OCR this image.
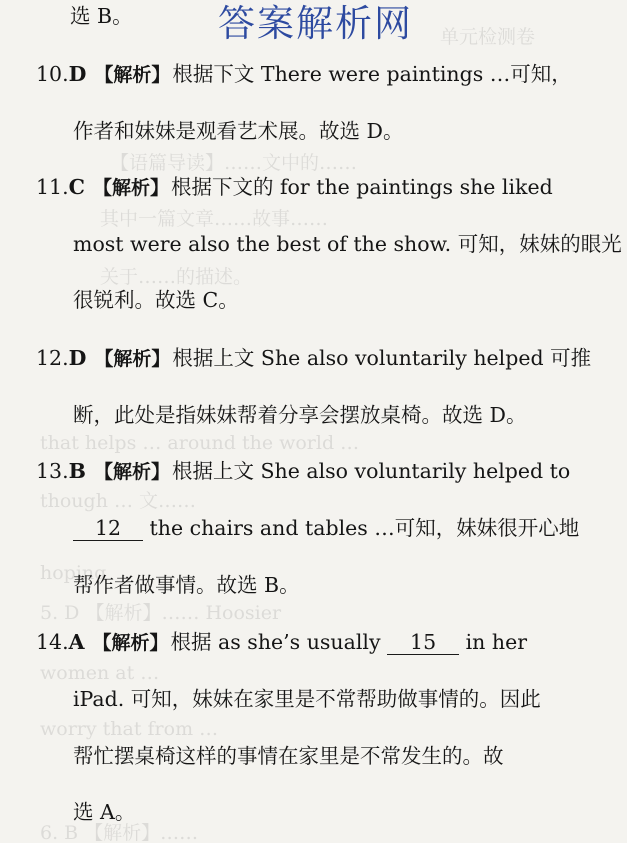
单元检测卷
【语篇导读】……文中的……
其中一篇文章……故事……
关于……的描述。
that helps … around the world …
though … 文……
hoping
5. D 【解析】…… Hoosier
women at …
worry that from …
6. B 【解析】……
选 B。 答案解析网
10.D 【解析】根据下文 There were paintings …可知，
作者和妹妹是观看艺术展。故选 D。
11.C 【解析】根据下文的 for the paintings she liked
most were also the best of the show. 可知，妹妹的眼光
很锐利。故选 C。
12.D 【解析】根据上文 She also voluntarily helped 可推
断，此处是指妹妹帮着分享会摆放桌椅。故选 D。
13.B 【解析】根据上文 She also voluntarily helped to
12 the chairs and tables …可知，妹妹很开心地
帮作者做事情。故选 B。
14.A 【解析】根据 as she’s usually 15 in her
iPad. 可知，妹妹在家里是不常帮助做事情的。因此
帮忙摆桌椅这样的事情在家里是不常发生的。故
选 A。
